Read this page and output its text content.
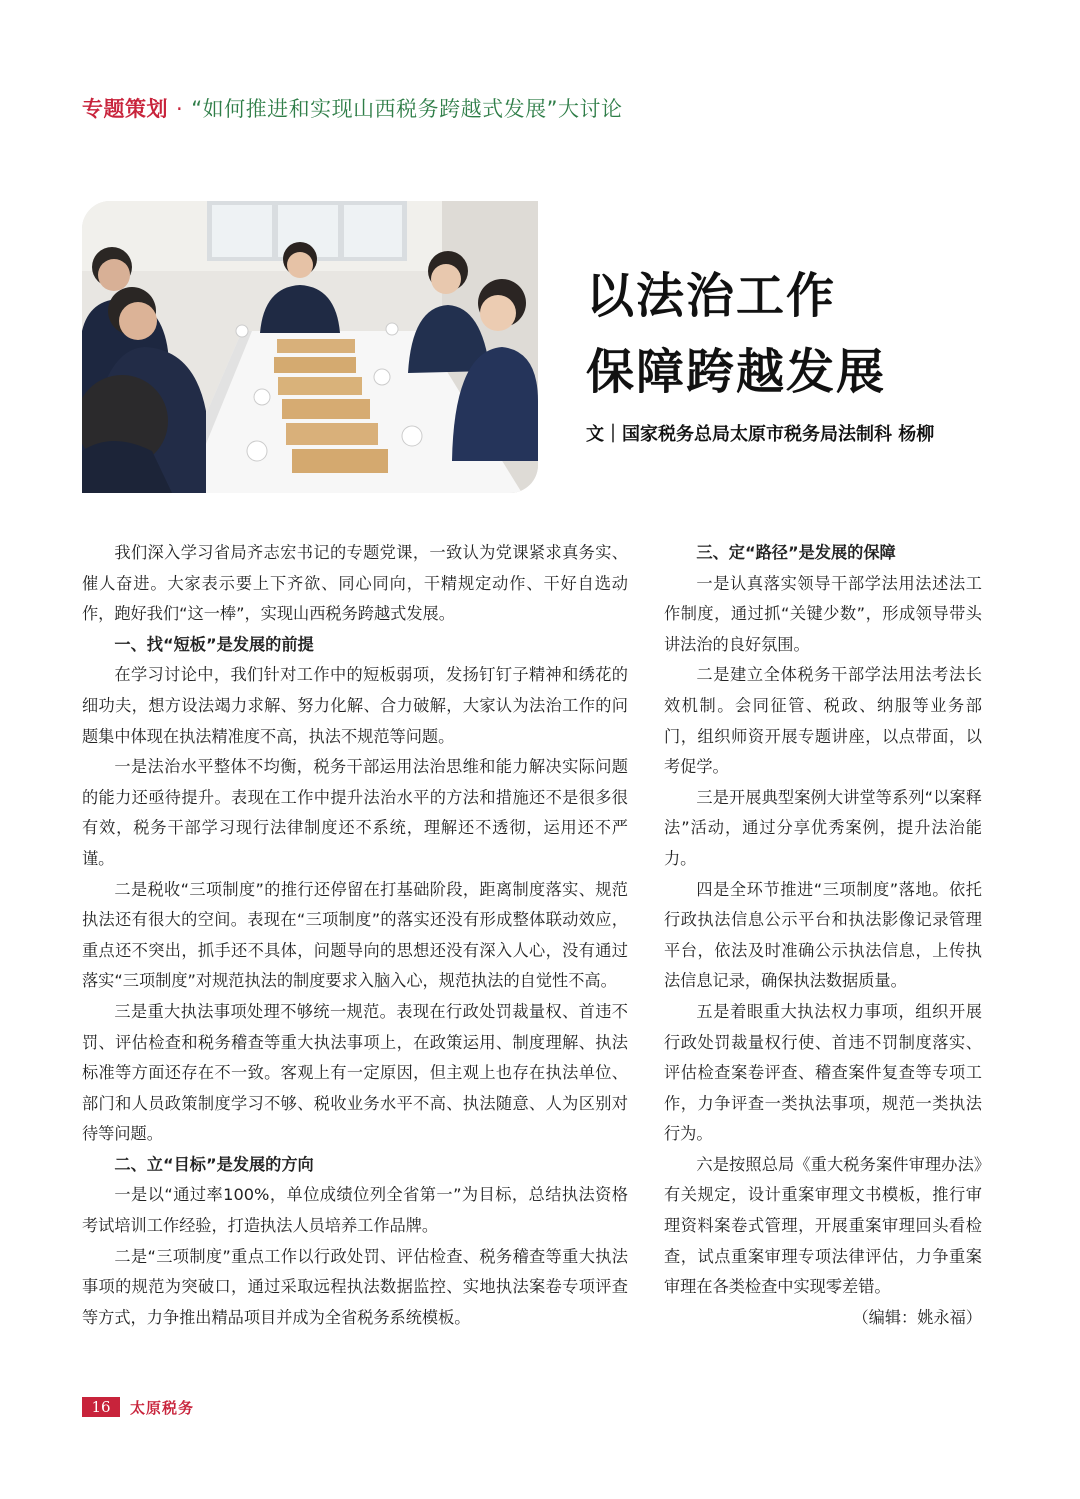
专题策划 · “如何推进和实现山西税务跨越式发展”大讨论
以法治工作
保障跨越发展
文｜国家税务总局太原市税务局法制科 杨柳

我们深入学习省局齐志宏书记的专题党课，一致认为党课紧求真务实、催人奋进。大家表示要上下齐欲、同心同向，干精规定动作、干好自选动作，跑好我们“这一棒”，实现山西税务跨越式发展。

一、找“短板”是发展的前提

在学习讨论中，我们针对工作中的短板弱项，发扬钉钉子精神和绣花的细功夫，想方设法竭力求解、努力化解、合力破解，大家认为法治工作的问题集中体现在执法精准度不高，执法不规范等问题。

一是法治水平整体不均衡，税务干部运用法治思维和能力解决实际问题的能力还亟待提升。表现在工作中提升法治水平的方法和措施还不是很多很有效，税务干部学习现行法律制度还不系统，理解还不透彻，运用还不严谨。

二是税收“三项制度”的推行还停留在打基础阶段，距离制度落实、规范执法还有很大的空间。表现在“三项制度”的落实还没有形成整体联动效应，重点还不突出，抓手还不具体，问题导向的思想还没有深入人心，没有通过落实“三项制度”对规范执法的制度要求入脑入心，规范执法的自觉性不高。

三是重大执法事项处理不够统一规范。表现在行政处罚裁量权、首违不罚、评估检查和税务稽查等重大执法事项上，在政策运用、制度理解、执法标准等方面还存在不一致。客观上有一定原因，但主观上也存在执法单位、部门和人员政策制度学习不够、税收业务水平不高、执法随意、人为区别对待等问题。

二、立“目标”是发展的方向

一是以“通过率100%，单位成绩位列全省第一”为目标，总结执法资格考试培训工作经验，打造执法人员培养工作品牌。

二是“三项制度”重点工作以行政处罚、评估检查、税务稽查等重大执法事项的规范为突破口，通过采取远程执法数据监控、实地执法案卷专项评查等方式，力争推出精品项目并成为全省税务系统模板。

三、定“路径”是发展的保障

一是认真落实领导干部学法用法述法工作制度，通过抓“关键少数”，形成领导带头讲法治的良好氛围。

二是建立全体税务干部学法用法考法长效机制。会同征管、税政、纳服等业务部门，组织师资开展专题讲座，以点带面，以考促学。

三是开展典型案例大讲堂等系列“以案释法”活动，通过分享优秀案例，提升法治能力。

四是全环节推进“三项制度”落地。依托行政执法信息公示平台和执法影像记录管理平台，依法及时准确公示执法信息，上传执法信息记录，确保执法数据质量。

五是着眼重大执法权力事项，组织开展行政处罚裁量权行使、首违不罚制度落实、评估检查案卷评查、稽查案件复查等专项工作，力争评查一类执法事项，规范一类执法行为。

六是按照总局《重大税务案件审理办法》有关规定，设计重案审理文书模板，推行审理资料案卷式管理，开展重案审理回头看检查，试点重案审理专项法律评估，力争重案审理在各类检查中实现零差错。
（编辑：姚永福）

16	太原税务
